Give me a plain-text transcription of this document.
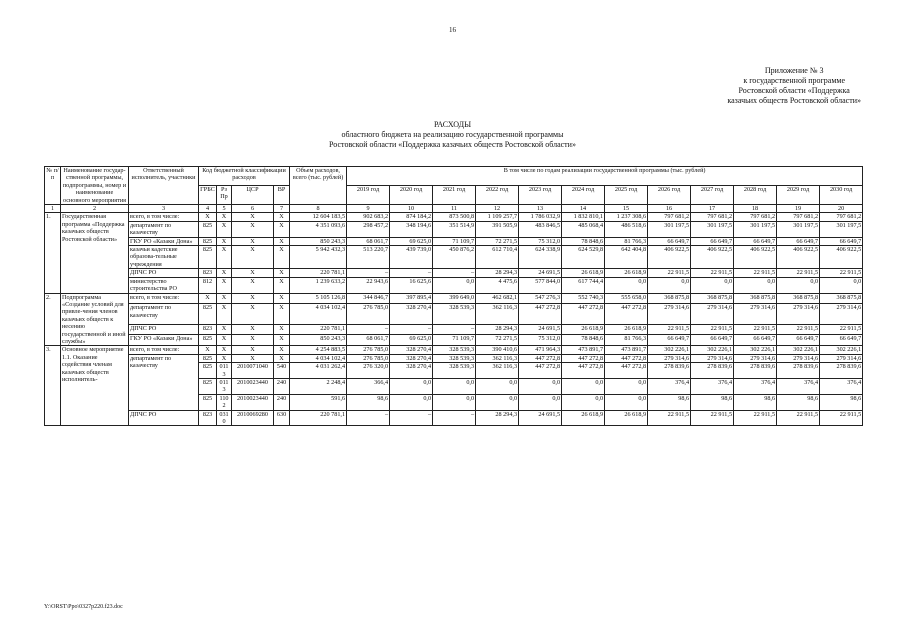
16
Приложение № 3
к государственной программе
Ростовской области «Поддержка
казачьих обществ Ростовской области»
РАСХОДЫ
областного бюджета на реализацию государственной программы
Ростовской области «Поддержка казачьих обществ Ростовской области»
№ п/п	Наименование государ-ственной программы, подпрограммы, номер и наименование основного мероприятия	Ответственный исполнитель, участники	Код бюджетной классификации расходов				Объем расходов, всего (тыс. рублей)	В том числе по годам реализации государственной программы (тыс. рублей)											
			ГРБС	Рз Пр	ЦСР	ВР		2019 год	2020 год	2021 год	2022 год	2023 год	2024 год	2025 год	2026 год	2027 год	2028 год	2029 год	2030 год
1	2	3	4	5	6	7	8	9	10	11	12	13	14	15	16	17	18	19	20
1.	Государственная программа «Поддержка казачьих обществ Ростовской области»	всего, в том числе:	X	X	X	X	12 604 183,5	902 683,2	874 184,2	873 500,8	1 109 257,7	1 786 032,9	1 832 810,1	1 237 308,6	797 681,2	797 681,2	797 681,2	797 681,2	797 681,2
		департамент по казачеству	825	X	X	X	4 351 093,6	298 457,2	348 194,6	351 514,9	391 505,9	483 846,5	485 068,4	486 518,6	301 197,5	301 197,5	301 197,5	301 197,5	301 197,5
		ГКУ РО «Казаки Дона»	825	X	X	X	850 243,3	68 061,7	69 625,0	71 109,7	72 271,5	75 312,0	78 848,6	81 766,3	66 649,7	66 649,7	66 649,7	66 649,7	66 649,7
		казачьи кадетские образова-тельные учреждения	825	X	X	X	5 942 432,3	513 220,7	439 739,0	450 876,2	612 710,4	624 338,9	624 529,8	642 404,8	406 922,5	406 922,5	406 922,5	406 922,5	406 922,5
		ДПЧС РО	823	X	X	X	220 781,1	–	–	–	28 294,3	24 691,5	26 618,9	26 618,9	22 911,5	22 911,5	22 911,5	22 911,5	22 911,5
		министерство строительства РО	812	X	X	X	1 239 633,2	22 943,6	16 625,6	0,0	4 475,6	577 844,0	617 744,4	0,0	0,0	0,0	0,0	0,0	0,0
2.	Подпрограмма «Создание условий для привле-чения членов казачьих обществ к несению государственной и иной службы»	всего, в том числе:	X	X	X	X	5 105 126,8	344 846,7	397 895,4	399 649,0	462 682,1	547 276,3	552 740,3	555 658,0	368 875,8	368 875,8	368 875,8	368 875,8	368 875,8
		департамент по казачеству	825	X	X	X	4 034 102,4	276 785,0	328 270,4	328 539,3	362 116,3	447 272,8	447 272,8	447 272,8	279 314,6	279 314,6	279 314,6	279 314,6	279 314,6
		ДПЧС РО	823	X	X	X	220 781,1	–	–	–	28 294,3	24 691,5	26 618,9	26 618,9	22 911,5	22 911,5	22 911,5	22 911,5	22 911,5
		ГКУ РО «Казаки Дона»	825	X	X	X	850 243,3	68 061,7	69 625,0	71 109,7	72 271,5	75 312,0	78 848,6	81 766,3	66 649,7	66 649,7	66 649,7	66 649,7	66 649,7
3.	Основное мероприятие 1.1. Оказание содействия членам казачьих обществ исполнитель-	всего, в том числе:	X	X	X	X	4 254 883,5	276 785,0	328 270,4	328 539,3	390 410,6	471 964,3	473 891,7	473 891,7	302 226,1	302 226,1	302 226,1	302 226,1	302 226,1
		департамент по казачеству	825	X	X	X	4 034 102,4	276 785,0	328 270,4	328 539,3	362 116,3	447 272,8	447 272,8	447 272,8	279 314,6	279 314,6	279 314,6	279 314,6	279 314,6
			825	0113	2010071040	540	4 031 262,4	276 320,0	328 270,4	328 539,3	362 116,3	447 272,8	447 272,8	447 272,8	278 839,6	278 839,6	278 839,6	278 839,6	278 839,6
			825	0113	2010023440	240	2 248,4	366,4	0,0	0,0	0,0	0,0	0,0	0,0	376,4	376,4	376,4	376,4	376,4
			825	1102	2010023440	240	591,6	98,6	0,0	0,0	0,0	0,0	0,0	0,0	98,6	98,6	98,6	98,6	98,6
		ДПЧС РО	823	0310	2010069280	630	220 781,1	–	–	–	28 294,3	24 691,5	26 618,9	26 618,9	22 911,5	22 911,5	22 911,5	22 911,5	22 911,5
Y:\ORST\Ppo\0327p220.f23.doc
